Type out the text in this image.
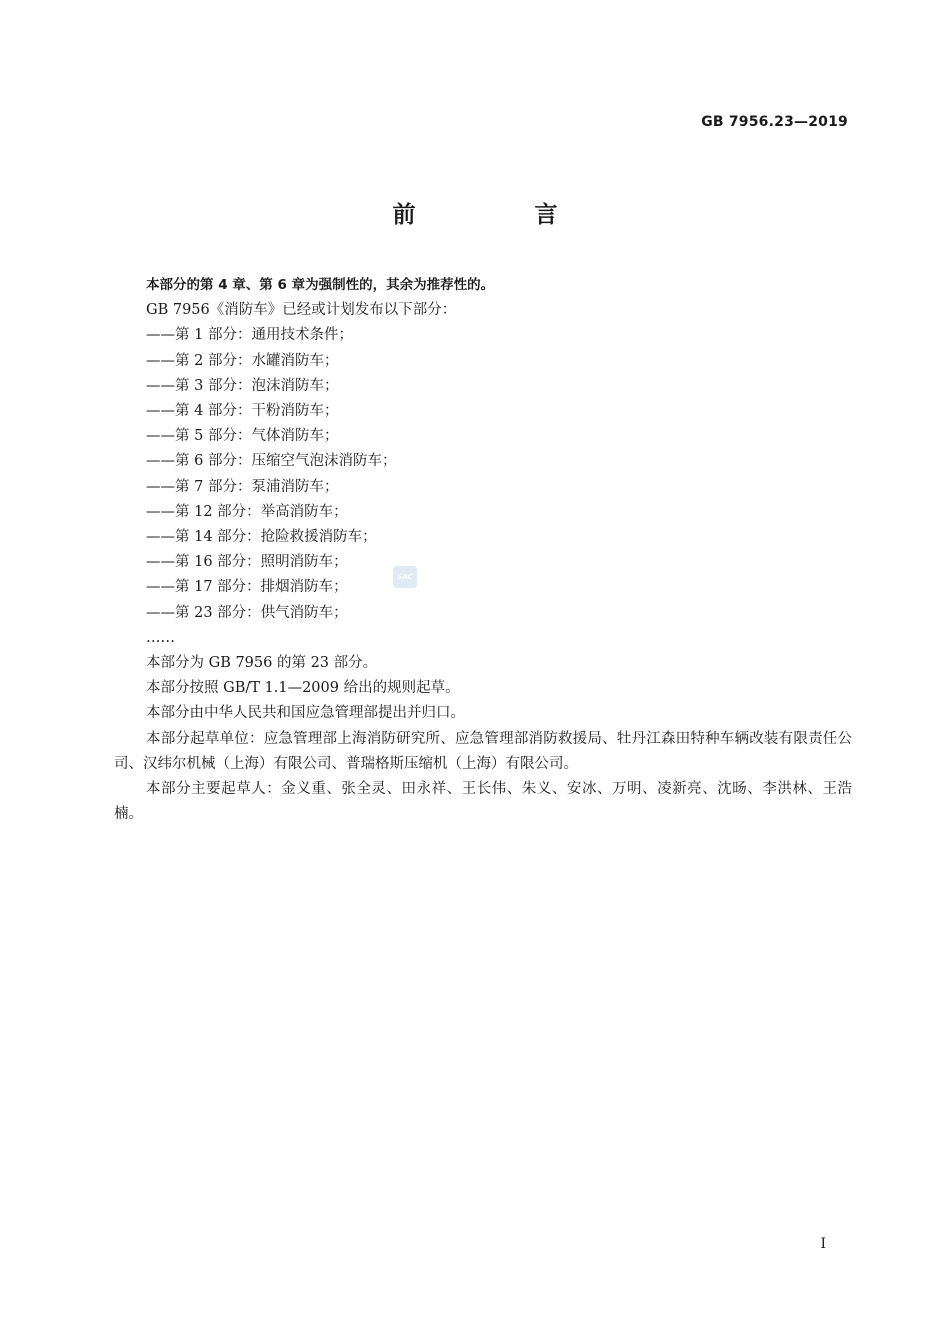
GB 7956.23—2019
前　言

本部分的第 4 章、第 6 章为强制性的，其余为推荐性的。

GB 7956《消防车》已经或计划发布以下部分：

——第 1 部分：通用技术条件；

——第 2 部分：水罐消防车；

——第 3 部分：泡沫消防车；

——第 4 部分：干粉消防车；

——第 5 部分：气体消防车；

——第 6 部分：压缩空气泡沫消防车；

——第 7 部分：泵浦消防车；

——第 12 部分：举高消防车；

——第 14 部分：抢险救援消防车；

——第 16 部分：照明消防车；

——第 17 部分：排烟消防车；

——第 23 部分：供气消防车；

……

本部分为 GB 7956 的第 23 部分。

本部分按照 GB/T 1.1—2009 给出的规则起草。

本部分由中华人民共和国应急管理部提出并归口。

本部分起草单位：应急管理部上海消防研究所、应急管理部消防救援局、牡丹江森田特种车辆改装有限责任公司、汉纬尔机械（上海）有限公司、普瑞格斯压缩机（上海）有限公司。

本部分主要起草人：金义重、张全灵、田永祥、王长伟、朱义、安冰、万明、凌新亮、沈旸、李洪林、王浩楠。

SAC
I
